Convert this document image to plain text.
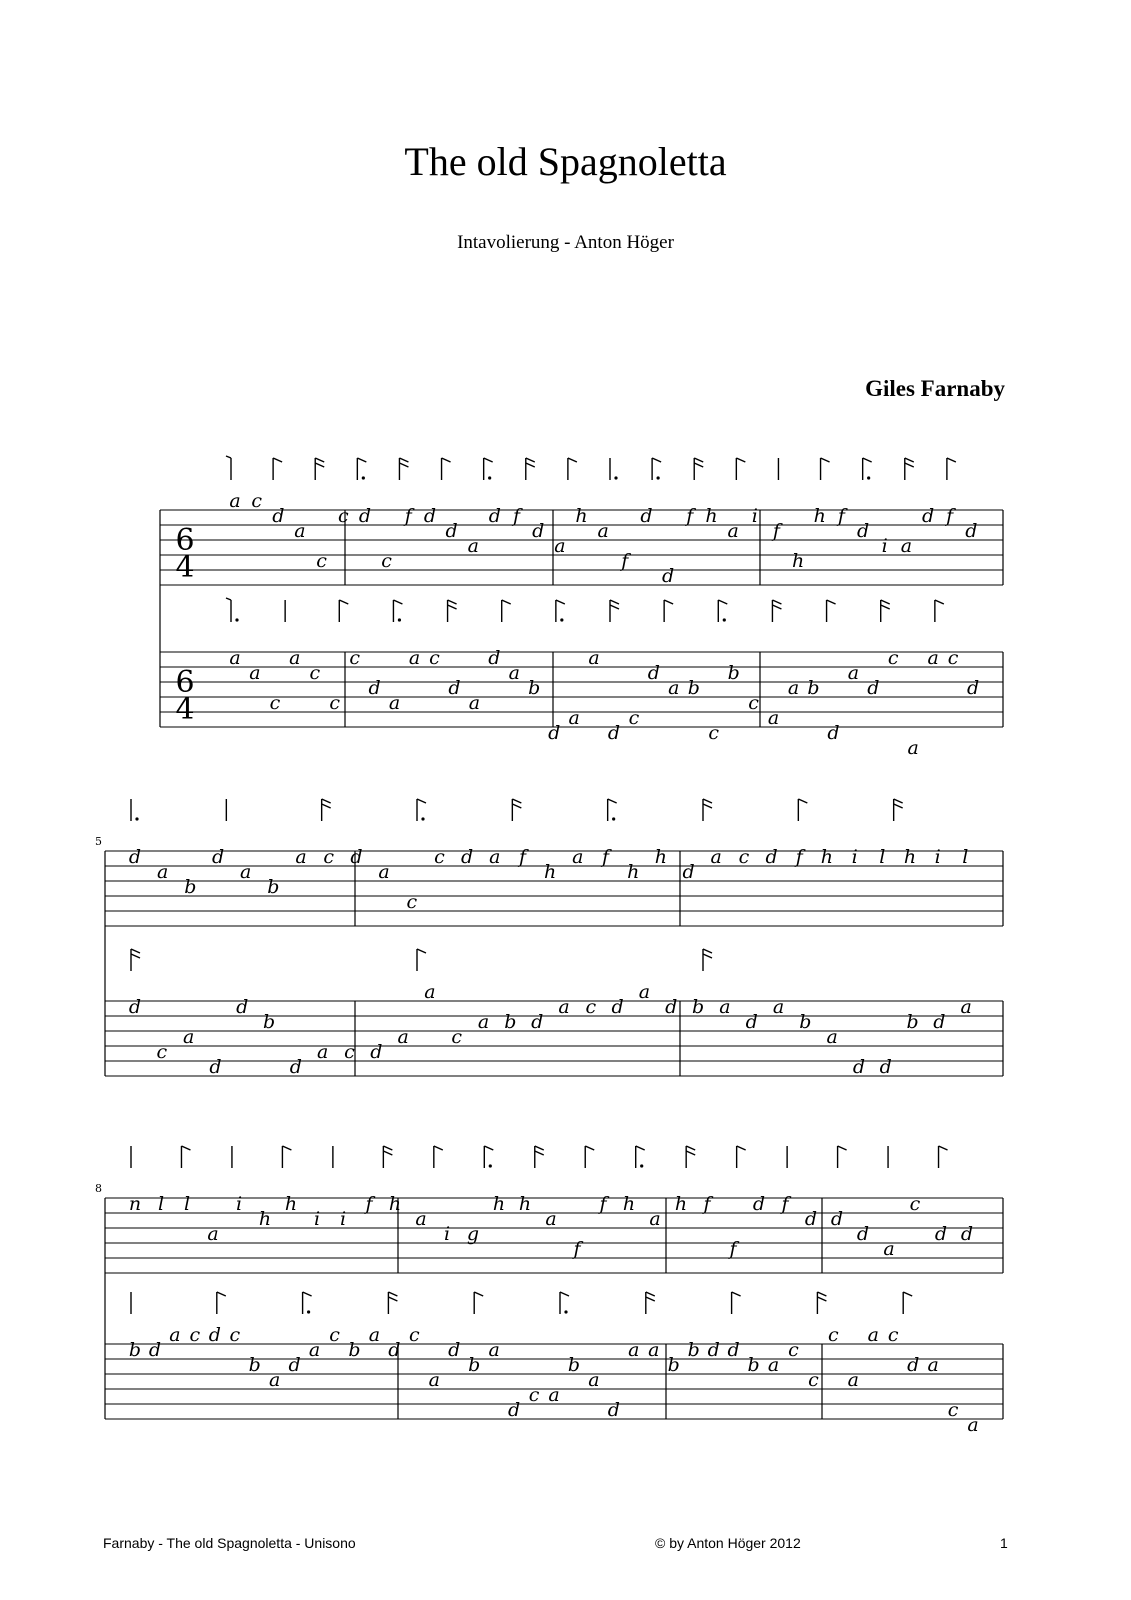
The old Spagnoletta
Intavolierung - Anton Höger
Giles Farnaby
6
4
a c
d
a
c
c d
c
f d
d
a
d f
d
a
h
a
f
d
d
f h
a
i
f
h
h f
d
i a
d f
d
6
4
a
a
c
a
c
c
c
d
a
a c
d
a
d
a
b
d
a
a
d
c
d
a b
c
b
c
a
a b
d
a
d
c
a
a c
d
5
d
a
b
d
a
b
a c d
a
c
c d a f
h
a f
h
h
d
a c d f h i l h i l
d
c
a
d
d
b
d
a c d
a
a
c
a b d
a c d
a
d b a
d
a
b
a
d d
b d
a
8
n l l
a
i
h
h
i i
f h
a
i g
h h
a
f
f h
a
h f
f
d f
d d
d
a
c
d d
b d
a c d c
b
a
d
a
c
b
a
d
c
a
d
b
a
d
c a
b
a
d
a a
b
b d d
b a
c
c
c
a
a c
d a
c
a
Farnaby - The old Spagnoletta - Unisono	© by Anton Höger 2012	1
